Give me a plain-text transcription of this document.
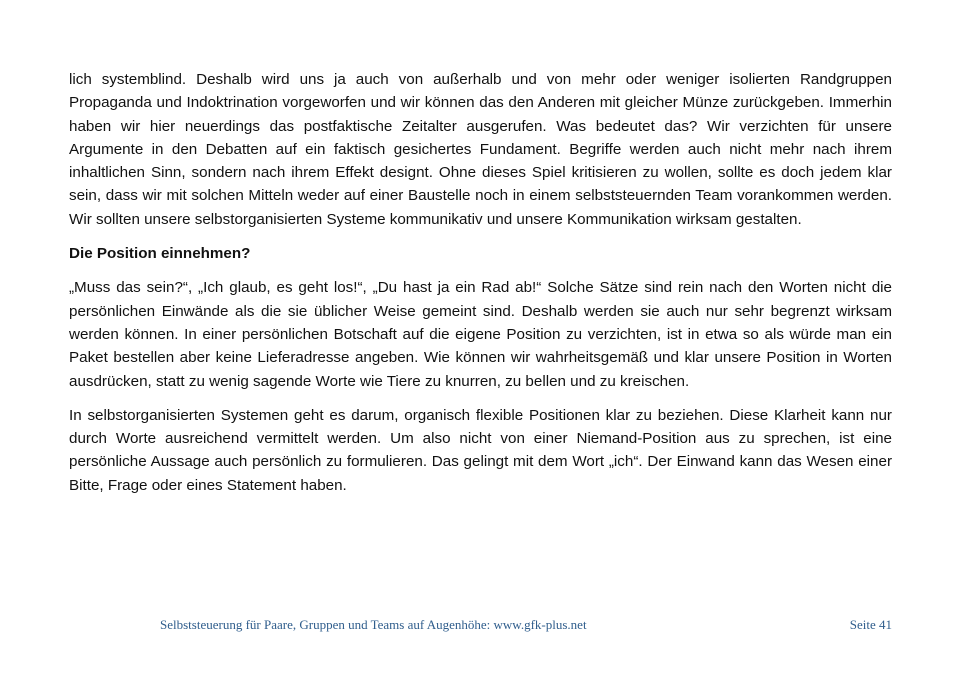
lich systemblind. Deshalb wird uns ja auch von außerhalb und von mehr oder weniger isolierten Randgruppen Propaganda und Indoktrination vorgeworfen und wir können das den Anderen mit gleicher Münze zurückgeben. Immerhin haben wir hier neuerdings das postfaktische Zeitalter ausgerufen. Was bedeutet das? Wir verzichten für unsere Argumente in den Debatten auf ein faktisch gesichertes Fundament. Begriffe werden auch nicht mehr nach ihrem inhaltlichen Sinn, sondern nach ihrem Effekt designt. Ohne dieses Spiel kritisieren zu wollen, sollte es doch jedem klar sein, dass wir mit solchen Mitteln weder auf einer Baustelle noch in einem selbststeuernden Team vorankommen werden. Wir sollten unsere selbstorganisierten Systeme kommunikativ und unsere Kommunikation wirksam gestalten.

Die Position einnehmen?

„Muss das sein?“, „Ich glaub, es geht los!“, „Du hast ja ein Rad ab!“ Solche Sätze sind rein nach den Worten nicht die persönlichen Einwände als die sie üblicher Weise gemeint sind. Deshalb werden sie auch nur sehr begrenzt wirksam werden können. In einer persönlichen Botschaft auf die eigene Position zu verzichten, ist in etwa so als würde man ein Paket bestellen aber keine Lieferadresse angeben. Wie können wir wahrheitsgemäß und klar unsere Position in Worten ausdrücken, statt zu wenig sagende Worte wie Tiere zu knurren, zu bellen und zu kreischen.

In selbstorganisierten Systemen geht es darum, organisch flexible Positionen klar zu beziehen. Diese Klarheit kann nur durch Worte ausreichend vermittelt werden. Um also nicht von einer Niemand-Position aus zu sprechen, ist eine persönliche Aussage auch persönlich zu formulieren. Das gelingt mit dem Wort „ich“. Der Einwand kann das Wesen einer Bitte, Frage oder eines Statement haben.

Selbststeuerung für Paare, Gruppen und Teams auf Augenhöhe: www.gfk-plus.net	Seite 41
